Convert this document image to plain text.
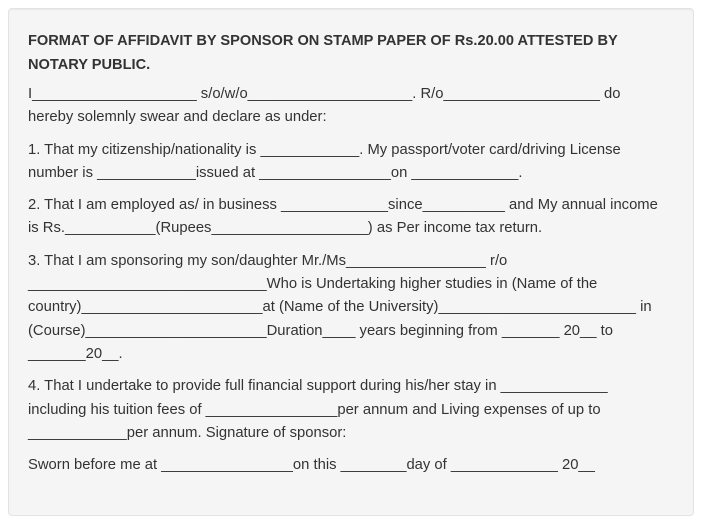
FORMAT OF AFFIDAVIT BY SPONSOR ON STAMP PAPER OF Rs.20.00 ATTESTED BY
NOTARY PUBLIC.
I____________________ s/o/w/o____________________. R/o___________________ do
hereby solemnly swear and declare as under:
1. That my citizenship/nationality is ____________. My passport/voter card/driving License
number is ____________issued at ________________on _____________.
2. That I am employed as/ in business _____________since__________ and My annual income
is Rs.___________(Rupees___________________) as Per income tax return.
3. That I am sponsoring my son/daughter Mr./Ms_________________ r/o
_____________________________Who is Undertaking higher studies in (Name of the
country)______________________at (Name of the University)________________________ in
(Course)______________________Duration____ years beginning from _______ 20__ to
_______20__.
4. That I undertake to provide full financial support during his/her stay in _____________
including his tuition fees of ________________per annum and Living expenses of up to
____________per annum. Signature of sponsor:
Sworn before me at ________________on this ________day of _____________ 20__
